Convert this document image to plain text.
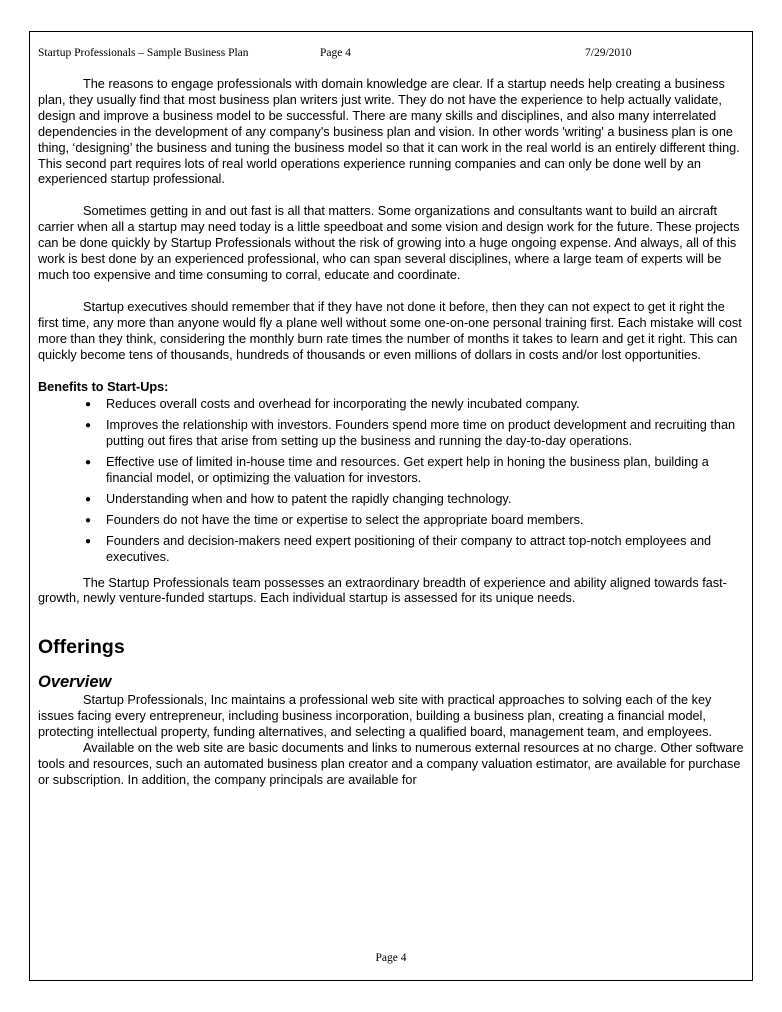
Startup Professionals – Sample Business Plan	Page 4	7/29/2010

The reasons to engage professionals with domain knowledge are clear. If a startup needs help creating a business plan, they usually find that most business plan writers just write. They do not have the experience to help actually validate, design and improve a business model to be successful. There are many skills and disciplines, and also many interrelated dependencies in the development of any company's business plan and vision. In other words 'writing' a business plan is one thing, ‘designing’ the business and tuning the business model so that it can work in the real world is an entirely different thing. This second part requires lots of real world operations experience running companies and can only be done well by an experienced startup professional.

Sometimes getting in and out fast is all that matters. Some organizations and consultants want to build an aircraft carrier when all a startup may need today is a little speedboat and some vision and design work for the future. These projects can be done quickly by Startup Professionals without the risk of growing into a huge ongoing expense. And always, all of this work is best done by an experienced professional, who can span several disciplines, where a large team of experts will be much too expensive and time consuming to corral, educate and coordinate.

Startup executives should remember that if they have not done it before, then they can not expect to get it right the first time, any more than anyone would fly a plane well without some one-on-one personal training first. Each mistake will cost more than they think, considering the monthly burn rate times the number of months it takes to learn and get it right. This can quickly become tens of thousands, hundreds of thousands or even millions of dollars in costs and/or lost opportunities.

Benefits to Start-Ups:

● Reduces overall costs and overhead for incorporating the newly incubated company.
● Improves the relationship with investors. Founders spend more time on product development and recruiting than putting out fires that arise from setting up the business and running the day-to-day operations.
● Effective use of limited in-house time and resources. Get expert help in honing the business plan, building a financial model, or optimizing the valuation for investors.
● Understanding when and how to patent the rapidly changing technology.
● Founders do not have the time or expertise to select the appropriate board members.
● Founders and decision-makers need expert positioning of their company to attract top-notch employees and executives.

The Startup Professionals team possesses an extraordinary breadth of experience and ability aligned towards fast-growth, newly venture-funded startups. Each individual startup is assessed for its unique needs.

Offerings
Overview

Startup Professionals, Inc maintains a professional web site with practical approaches to solving each of the key issues facing every entrepreneur, including business incorporation, building a business plan, creating a financial model, protecting intellectual property, funding alternatives, and selecting a qualified board, management team, and employees.

Available on the web site are basic documents and links to numerous external resources at no charge. Other software tools and resources, such an automated business plan creator and a company valuation estimator, are available for purchase or subscription. In addition, the company principals are available for

Page 4
